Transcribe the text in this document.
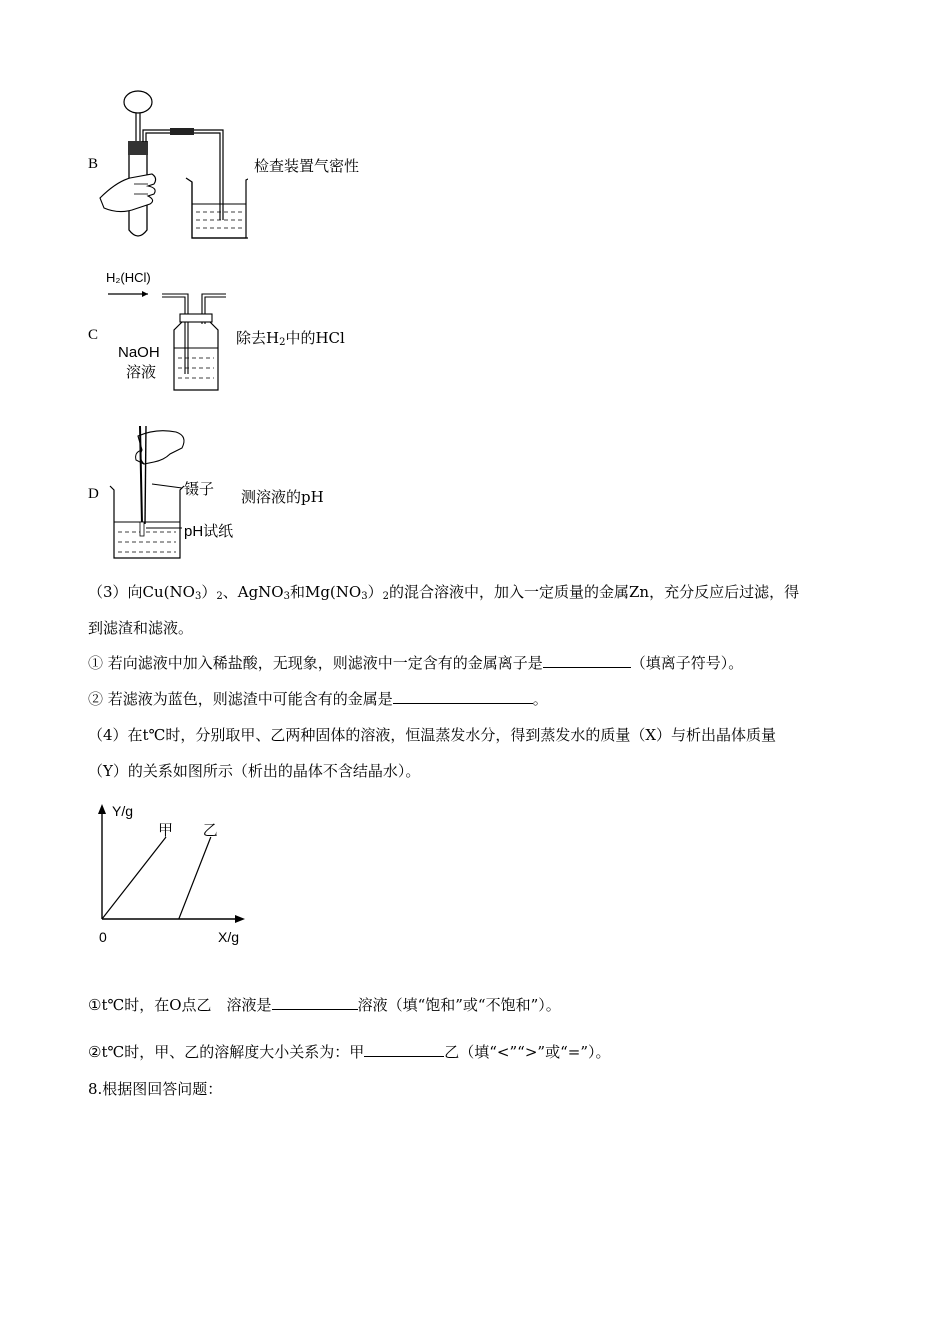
B	检查装置气密性
C
H₂(HCl)
NaOH
溶液
除去$H_2$中的HCl
D	镊子
pH试纸
测溶液的pH
（3）向$Cu(NO_3)_2$、AgNO$_3$和$Mg(NO_3)_2$的混合溶液中，加入一定质量的金属Zn，充分反应后过滤，得
到滤渣和滤液。
① 若向滤液中加入稀盐酸，无现象，则滤液中一定含有的金属离子是	（填离子符号）。
② 若滤液为蓝色，则滤渣中可能含有的金属是	。
（4）在t℃时，分别取甲、乙两种固体的溶液，恒温蒸发水分，得到蒸发水的质量（X）与析出晶体质量
（Y）的关系如图所示（析出的晶体不含结晶水）。
Y/g
X/g
0
甲 乙
①t℃时，在O点乙　溶液是	溶液（填“饱和”或“不饱和”）。
②t℃时，甲、乙的溶解度大小关系为：甲	乙（填“<”“>”或“=”）。
8.根据图回答问题：
